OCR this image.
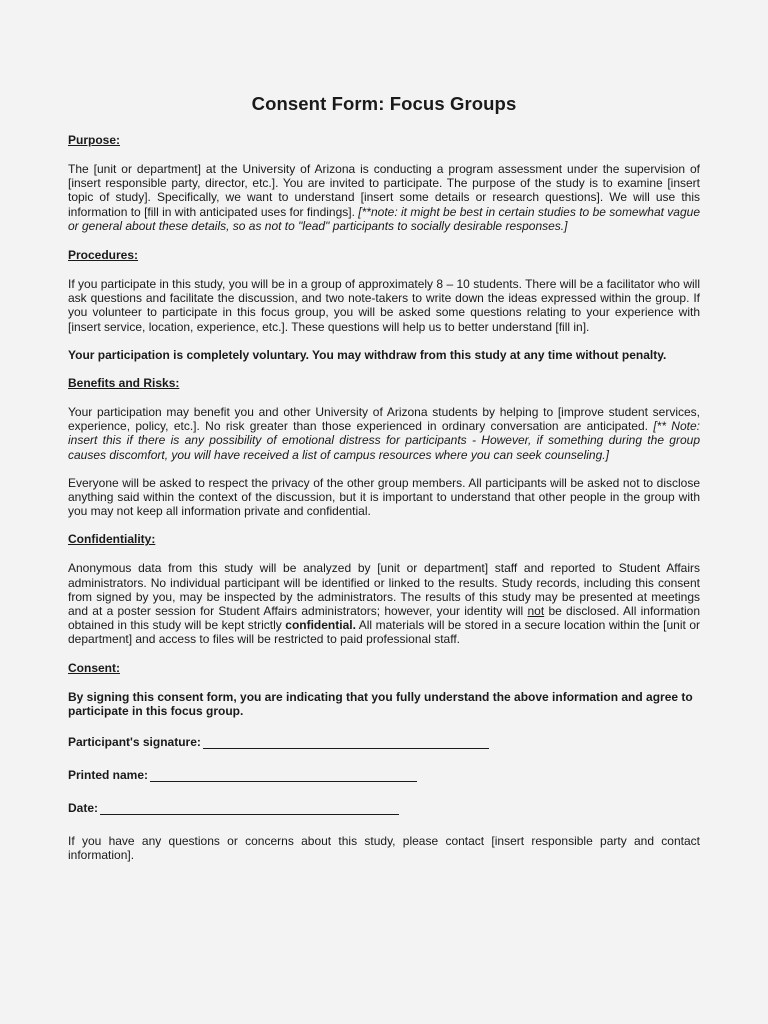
Consent Form: Focus Groups
Purpose:

The [unit or department] at the University of Arizona is conducting a program assessment under the supervision of [insert responsible party, director, etc.]. You are invited to participate. The purpose of the study is to examine [insert topic of study]. Specifically, we want to understand [insert some details or research questions]. We will use this information to [fill in with anticipated uses for findings]. [**note: it might be best in certain studies to be somewhat vague or general about these details, so as not to "lead" participants to socially desirable responses.]

Procedures:

If you participate in this study, you will be in a group of approximately 8 – 10 students. There will be a facilitator who will ask questions and facilitate the discussion, and two note-takers to write down the ideas expressed within the group. If you volunteer to participate in this focus group, you will be asked some questions relating to your experience with [insert service, location, experience, etc.]. These questions will help us to better understand [fill in].

Your participation is completely voluntary. You may withdraw from this study at any time without penalty.

Benefits and Risks:

Your participation may benefit you and other University of Arizona students by helping to [improve student services, experience, policy, etc.]. No risk greater than those experienced in ordinary conversation are anticipated. [** Note: insert this if there is any possibility of emotional distress for participants - However, if something during the group causes discomfort, you will have received a list of campus resources where you can seek counseling.]

Everyone will be asked to respect the privacy of the other group members. All participants will be asked not to disclose anything said within the context of the discussion, but it is important to understand that other people in the group with you may not keep all information private and confidential.

Confidentiality:

Anonymous data from this study will be analyzed by [unit or department] staff and reported to Student Affairs administrators. No individual participant will be identified or linked to the results. Study records, including this consent from signed by you, may be inspected by the administrators. The results of this study may be presented at meetings and at a poster session for Student Affairs administrators; however, your identity will not be disclosed. All information obtained in this study will be kept strictly confidential. All materials will be stored in a secure location within the [unit or department] and access to files will be restricted to paid professional staff.

Consent:

By signing this consent form, you are indicating that you fully understand the above information and agree to participate in this focus group.

Participant's signature:
Printed name:
Date:

If you have any questions or concerns about this study, please contact [insert responsible party and contact information].
